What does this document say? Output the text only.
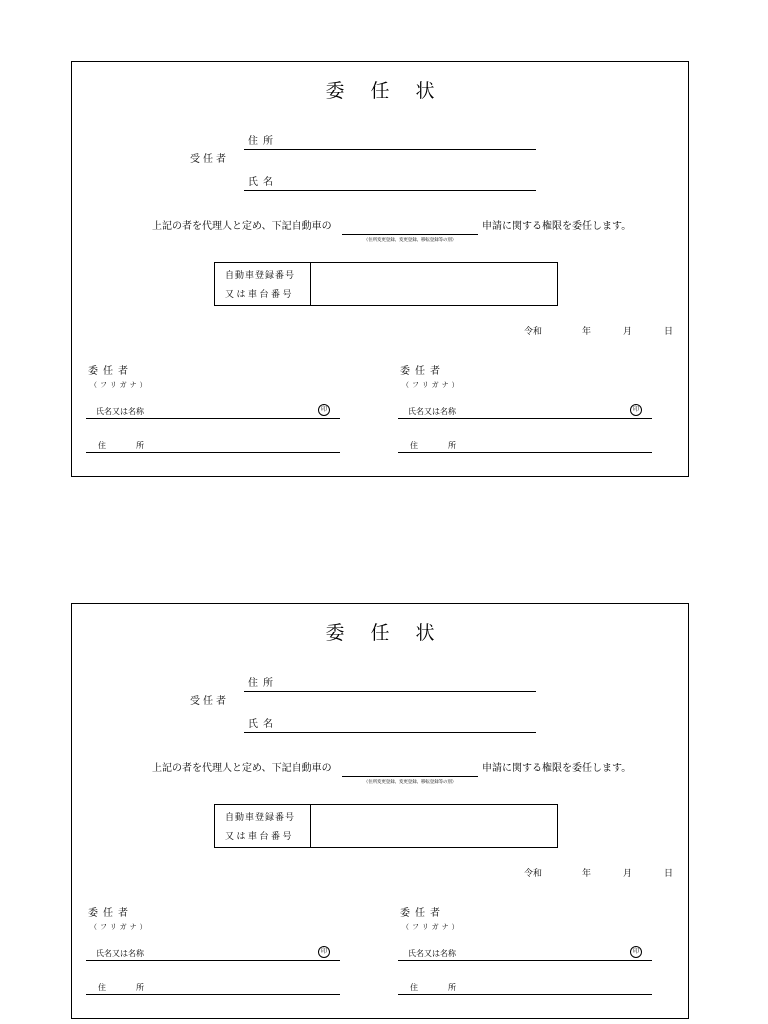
委任状
受任者
住所
氏名
上記の者を代理人と定め、下記自動車の
（住所変更登録、変更登録、移転登録等の別）
申請に関する権限を委任します。
自動車登録番号
又は車台番号
令和	年	月	日
委任者
（フリガナ）
氏名又は名称	印
住所
委任者
（フリガナ）
氏名又は名称	印
住所
委任状
受任者
住所
氏名
上記の者を代理人と定め、下記自動車の
（住所変更登録、変更登録、移転登録等の別）
申請に関する権限を委任します。
自動車登録番号
又は車台番号
令和	年	月	日
委任者
（フリガナ）
氏名又は名称	印
住所
委任者
（フリガナ）
氏名又は名称	印
住所
